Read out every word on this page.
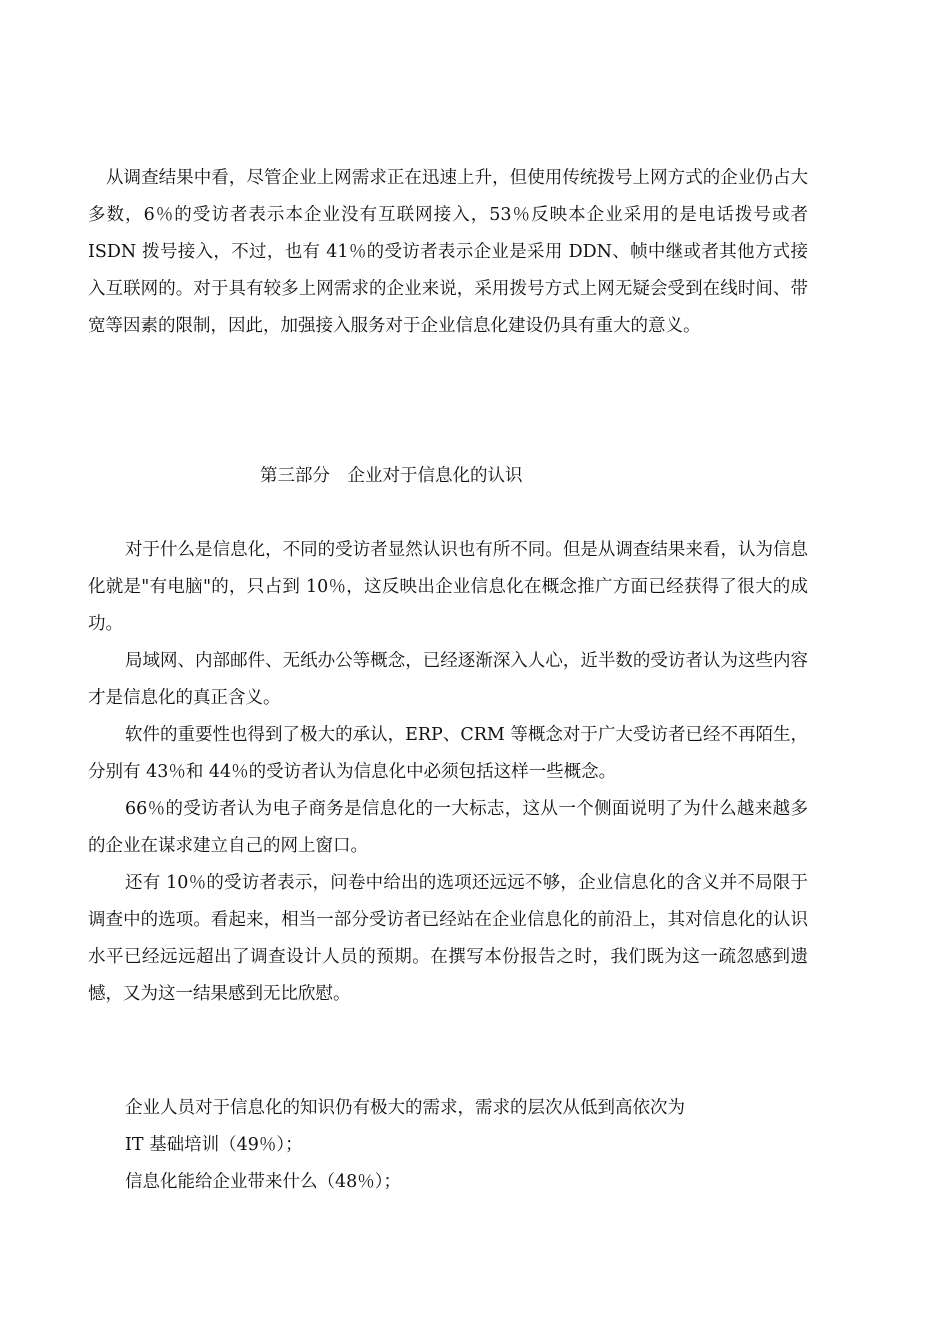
从调查结果中看，尽管企业上网需求正在迅速上升，但使用传统拨号上网方式的企业仍占大多数，6％的受访者表示本企业没有互联网接入，53％反映本企业采用的是电话拨号或者 ISDN 拨号接入，不过，也有 41％的受访者表示企业是采用 DDN、帧中继或者其他方式接入互联网的。对于具有较多上网需求的企业来说，采用拨号方式上网无疑会受到在线时间、带宽等因素的限制，因此，加强接入服务对于企业信息化建设仍具有重大的意义。

第三部分　企业对于信息化的认识

对于什么是信息化，不同的受访者显然认识也有所不同。但是从调查结果来看，认为信息化就是"有电脑"的，只占到 10％，这反映出企业信息化在概念推广方面已经获得了很大的成功。

局域网、内部邮件、无纸办公等概念，已经逐渐深入人心，近半数的受访者认为这些内容才是信息化的真正含义。

软件的重要性也得到了极大的承认，ERP、CRM 等概念对于广大受访者已经不再陌生，分别有 43％和 44％的受访者认为信息化中必须包括这样一些概念。

66％的受访者认为电子商务是信息化的一大标志，这从一个侧面说明了为什么越来越多的企业在谋求建立自己的网上窗口。

还有 10％的受访者表示，问卷中给出的选项还远远不够，企业信息化的含义并不局限于调查中的选项。看起来，相当一部分受访者已经站在企业信息化的前沿上，其对信息化的认识水平已经远远超出了调查设计人员的预期。在撰写本份报告之时，我们既为这一疏忽感到遗憾，又为这一结果感到无比欣慰。

企业人员对于信息化的知识仍有极大的需求，需求的层次从低到高依次为

IT 基础培训（49％）；

信息化能给企业带来什么（48％）；
